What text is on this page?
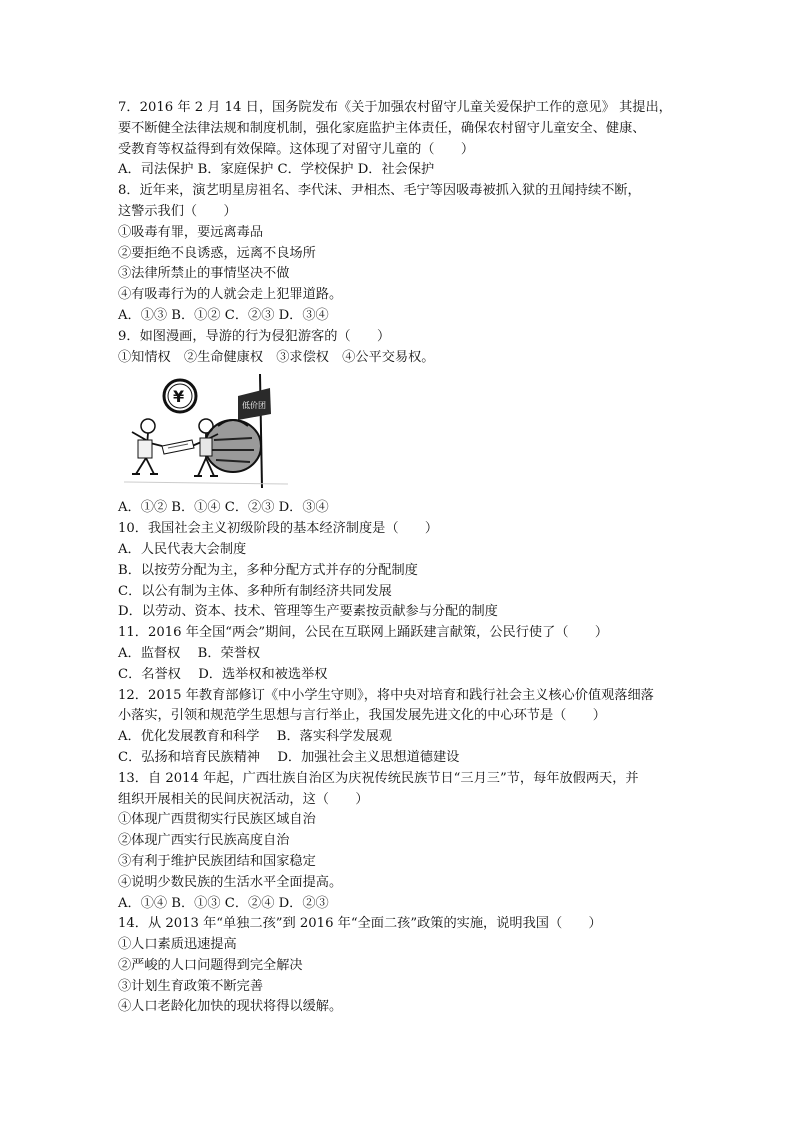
7．2016 年 2 月 14 日，国务院发布《关于加强农村留守儿童关爱保护工作的意见》 其提出，
要不断健全法律法规和制度机制，强化家庭监护主体责任，确保农村留守儿童安全、健康、
受教育等权益得到有效保障。这体现了对留守儿童的（　　）
A．司法保护 B．家庭保护 C．学校保护 D．社会保护
8．近年来，演艺明星房祖名、李代沫、尹相杰、毛宁等因吸毒被抓入狱的丑闻持续不断，
这警示我们（　　）
①吸毒有罪，要远离毒品
②要拒绝不良诱惑，远离不良场所
③法律所禁止的事情坚决不做
④有吸毒行为的人就会走上犯罪道路。
A．①③ B．①② C．②③ D．③④
9．如图漫画，导游的行为侵犯游客的（　　）
①知情权　②生命健康权　③求偿权　④公平交易权。
低价团
¥
A．①② B．①④ C．②③ D．③④
10．我国社会主义初级阶段的基本经济制度是（　　）
A．人民代表大会制度
B．以按劳分配为主，多种分配方式并存的分配制度
C．以公有制为主体、多种所有制经济共同发展
D．以劳动、资本、技术、管理等生产要素按贡献参与分配的制度
11．2016 年全国“两会”期间，公民在互联网上踊跃建言献策，公民行使了（　　）
A．监督权　 B．荣誉权
C．名誉权　 D．选举权和被选举权
12．2015 年教育部修订《中小学生守则》，将中央对培育和践行社会主义核心价值观落细落
小落实，引领和规范学生思想与言行举止，我国发展先进文化的中心环节是（　　）
A．优化发展教育和科学　 B．落实科学发展观
C．弘扬和培育民族精神　 D．加强社会主义思想道德建设
13．自 2014 年起，广西壮族自治区为庆祝传统民族节日“三月三”节，每年放假两天，并
组织开展相关的民间庆祝活动，这（　　）
①体现广西贯彻实行民族区域自治
②体现广西实行民族高度自治
③有利于维护民族团结和国家稳定
④说明少数民族的生活水平全面提高。
A．①④ B．①③ C．②④ D．②③
14．从 2013 年“单独二孩”到 2016 年“全面二孩”政策的实施，说明我国（　　）
①人口素质迅速提高
②严峻的人口问题得到完全解决
③计划生育政策不断完善
④人口老龄化加快的现状将得以缓解。
